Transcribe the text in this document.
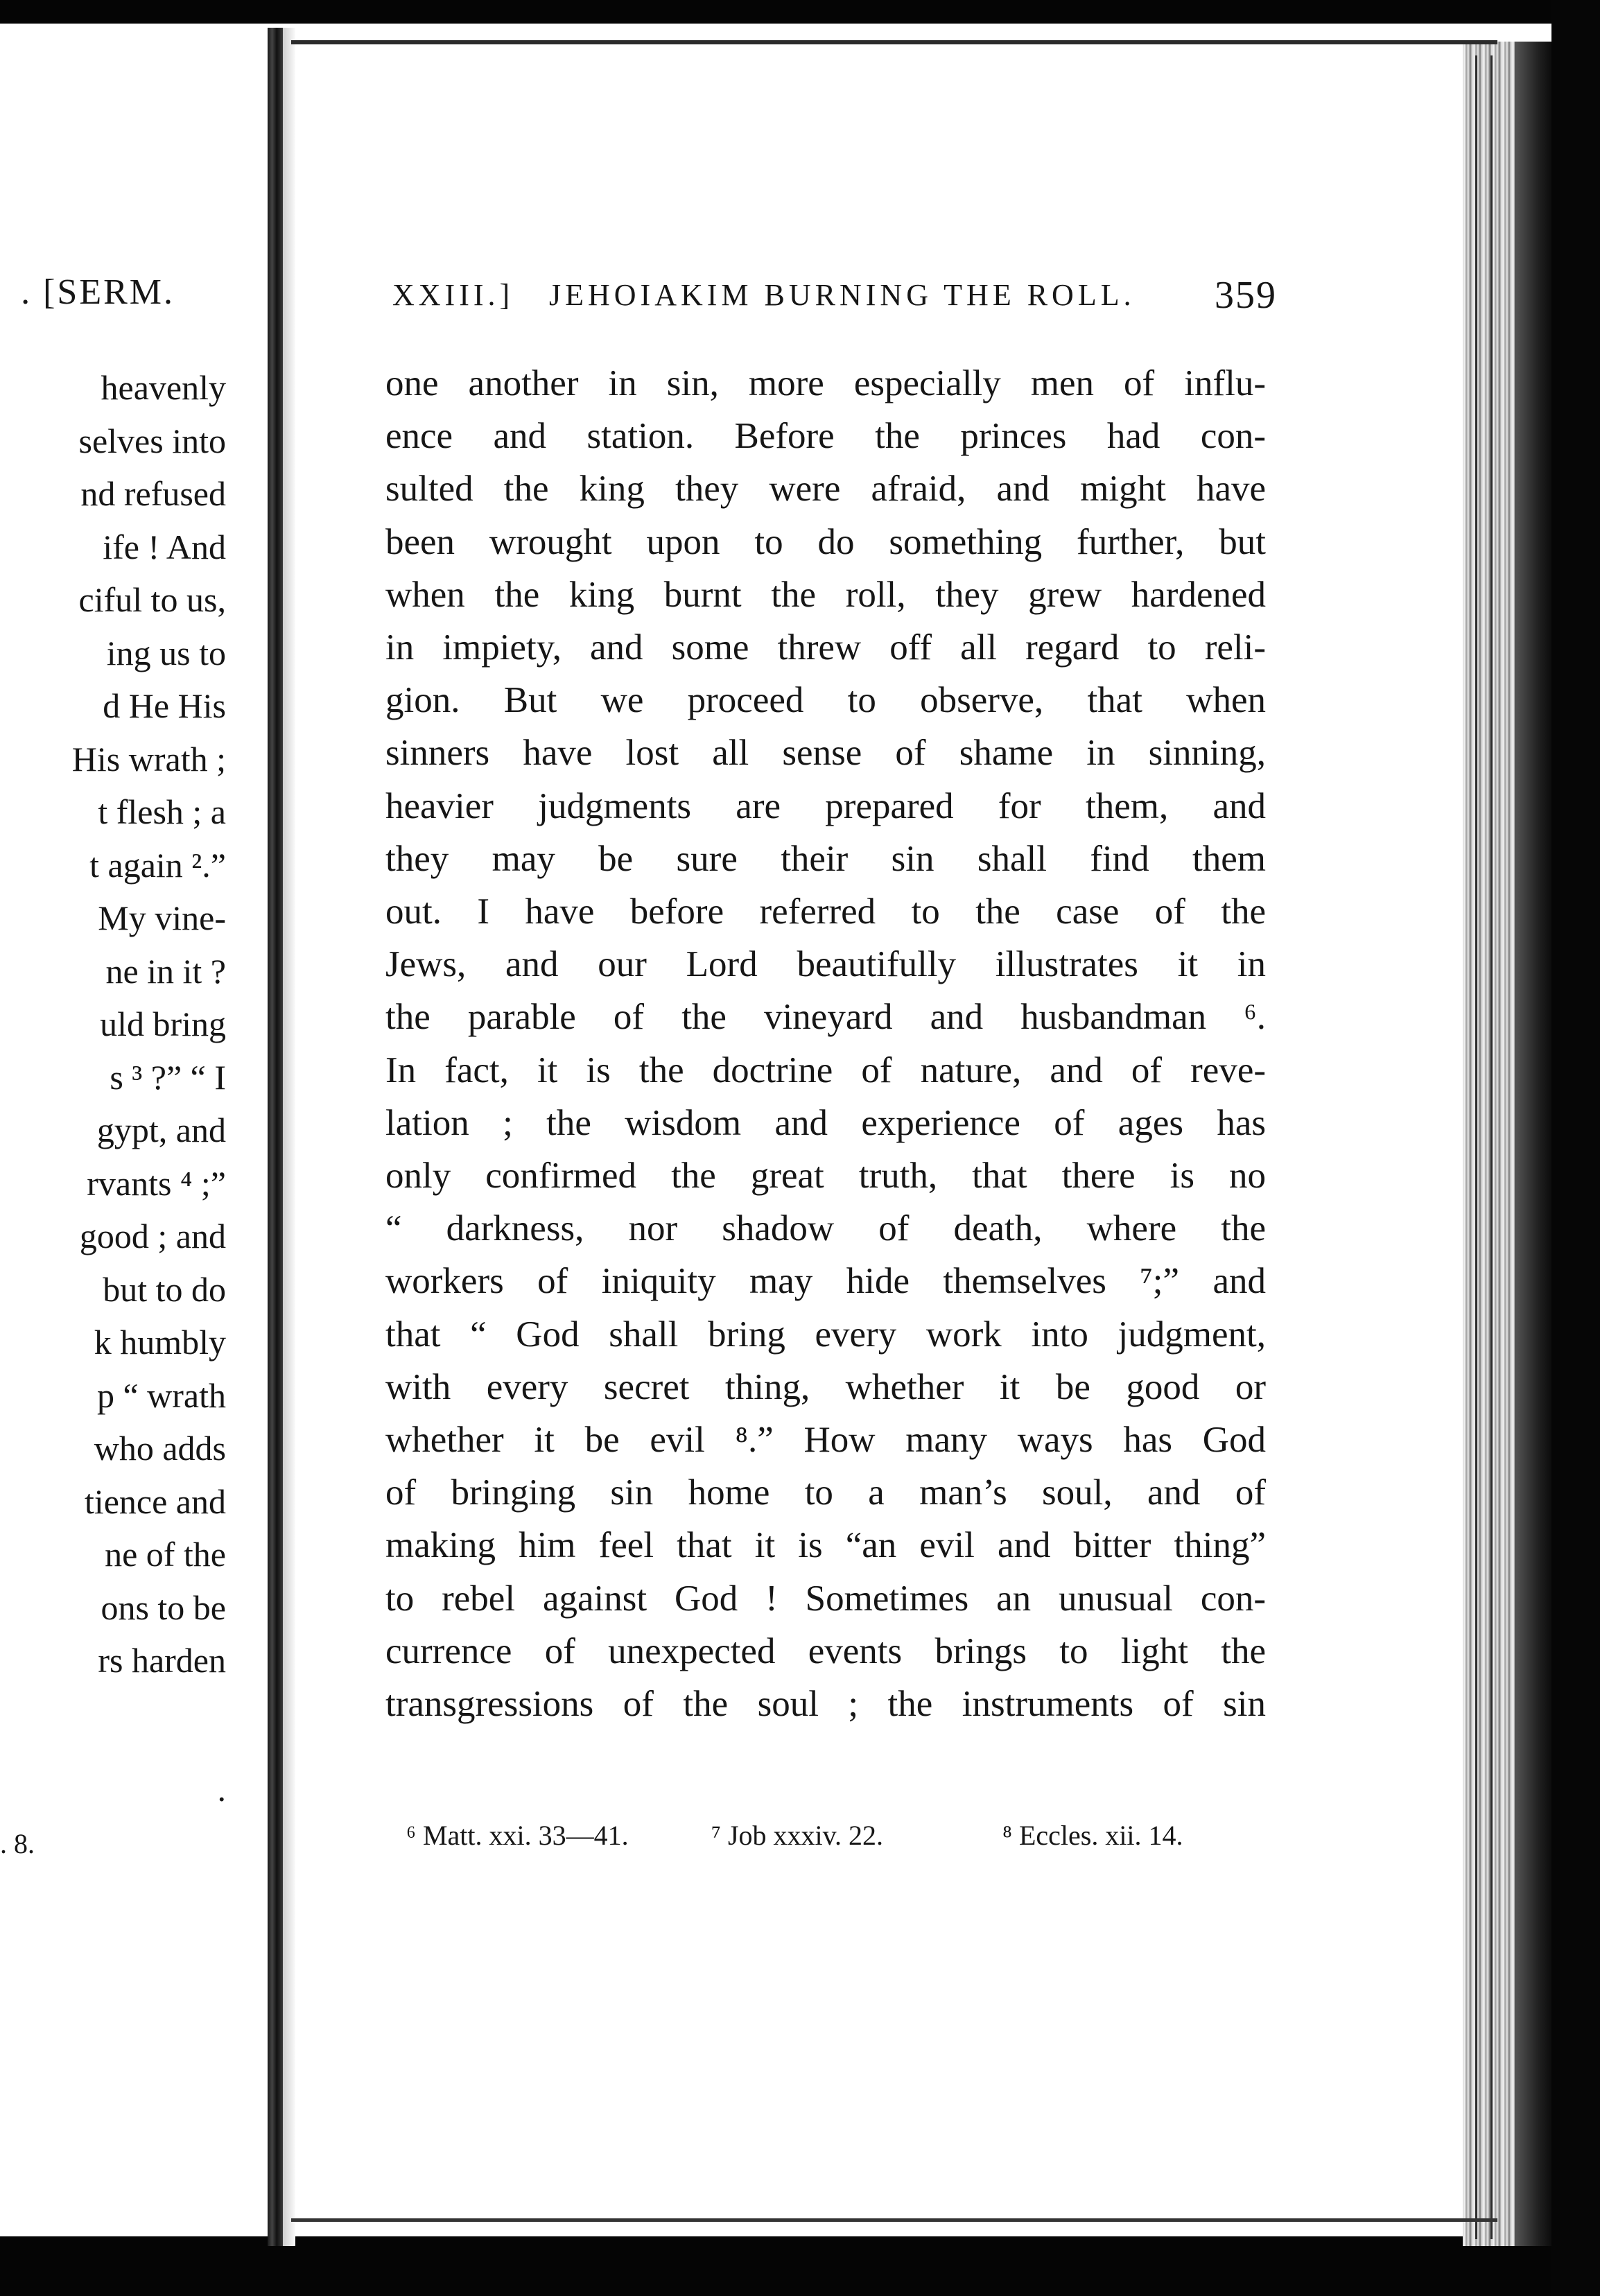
. [SERM.
heavenly
selves into
nd refused
ife ! And
ciful to us,
ing us to
d He His
His wrath ;
t flesh ; a
t again ².”
My vine-
ne in it ?
uld bring
s ³ ?” “ I
gypt, and
rvants ⁴ ;”
good ; and
but to do
k humbly
p “ wrath
who adds
tience and
ne of the
ons to be
rs harden
.
. 8.
XXIII.] JEHOIAKIM BURNING THE ROLL. 359
one another in sin, more especially men of influ-
ence and station. Before the princes had con-
sulted the king they were afraid, and might have
been wrought upon to do something further, but
when the king burnt the roll, they grew hardened
in impiety, and some threw off all regard to reli-
gion. But we proceed to observe, that when
sinners have lost all sense of shame in sinning,
heavier judgments are prepared for them, and
they may be sure their sin shall find them
out. I have before referred to the case of the
Jews, and our Lord beautifully illustrates it in
the parable of the vineyard and husbandman ⁶.
In fact, it is the doctrine of nature, and of reve-
lation ; the wisdom and experience of ages has
only confirmed the great truth, that there is no
“ darkness, nor shadow of death, where the
workers of iniquity may hide themselves ⁷;” and
that “ God shall bring every work into judgment,
with every secret thing, whether it be good or
whether it be evil ⁸.” How many ways has God
of bringing sin home to a man’s soul, and of
making him feel that it is “an evil and bitter thing”
to rebel against God ! Sometimes an unusual con-
currence of unexpected events brings to light the
transgressions of the soul ; the instruments of sin
⁶ Matt. xxi. 33—41.	⁷ Job xxxiv. 22.	⁸ Eccles. xii. 14.
